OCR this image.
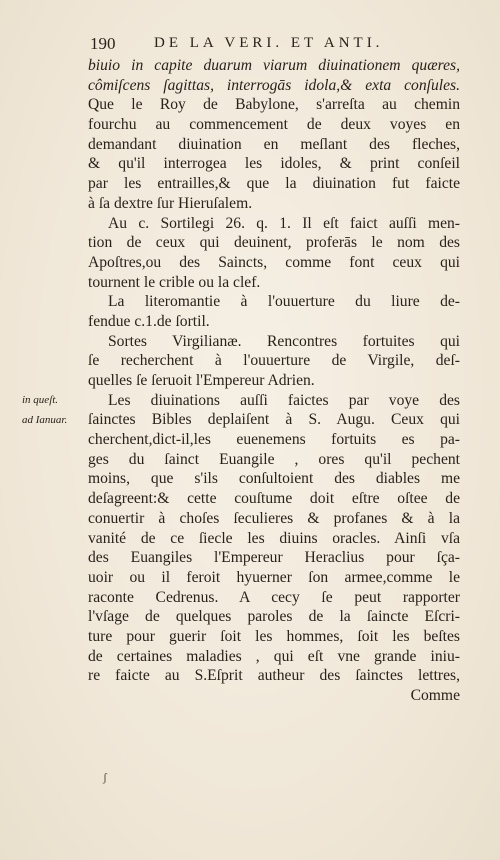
190	DE LA VERI. ET ANTI.
biuio in capite duarum viarum diuinationem quæres,
cômiſcens ſagittas, interrogās idola,& exta conſules.
Que le Roy de Babylone, s'arreſta au chemin
fourchu au commencement de deux voyes en
demandant diuination en meſlant des fleches,
& qu'il interrogea les idoles, & print conſeil
par les entrailles,& que la diuination fut faicte
à ſa dextre ſur Hieruſalem.
Au c. Sortilegi 26. q. 1. Il eſt faict auſſi men-
tion de ceux qui deuinent, proferās le nom des
Apoſtres,ou des Saincts, comme font ceux qui
tournent le crible ou la clef.
La literomantie à l'ouuerture du liure de-
fendue c.1.de ſortil.
Sortes Virgilianæ. Rencontres fortuites qui
ſe recherchent à l'ouuerture de Virgile, deſ-
quelles ſe ſeruoit l'Empereur Adrien.
Les diuinations auſſi faictes par voye des
ſainctes Bibles deplaiſent à S. Augu. Ceux qui
cherchent,dict-il,les euenemens fortuits es pa-
ges du ſainct Euangile , ores qu'il pechent
moins, que s'ils conſultoient des diables me
deſagreent:& cette couſtume doit eſtre oſtee de
conuertir à choſes ſeculieres & profanes & à la
vanité de ce ſiecle les diuins oracles. Ainſi vſa
des Euangiles l'Empereur Heraclius pour ſça-
uoir ou il feroit hyuerner ſon armee,comme le
raconte Cedrenus. A cecy ſe peut rapporter
l'vſage de quelques paroles de la ſaincte Eſcri-
ture pour guerir ſoit les hommes, ſoit les beſtes
de certaines maladies , qui eſt vne grande iniu-
re faicte au S.Eſprit autheur des ſainctes lettres,
Comme
in queſt.
ad Ianuar.
ʃ
